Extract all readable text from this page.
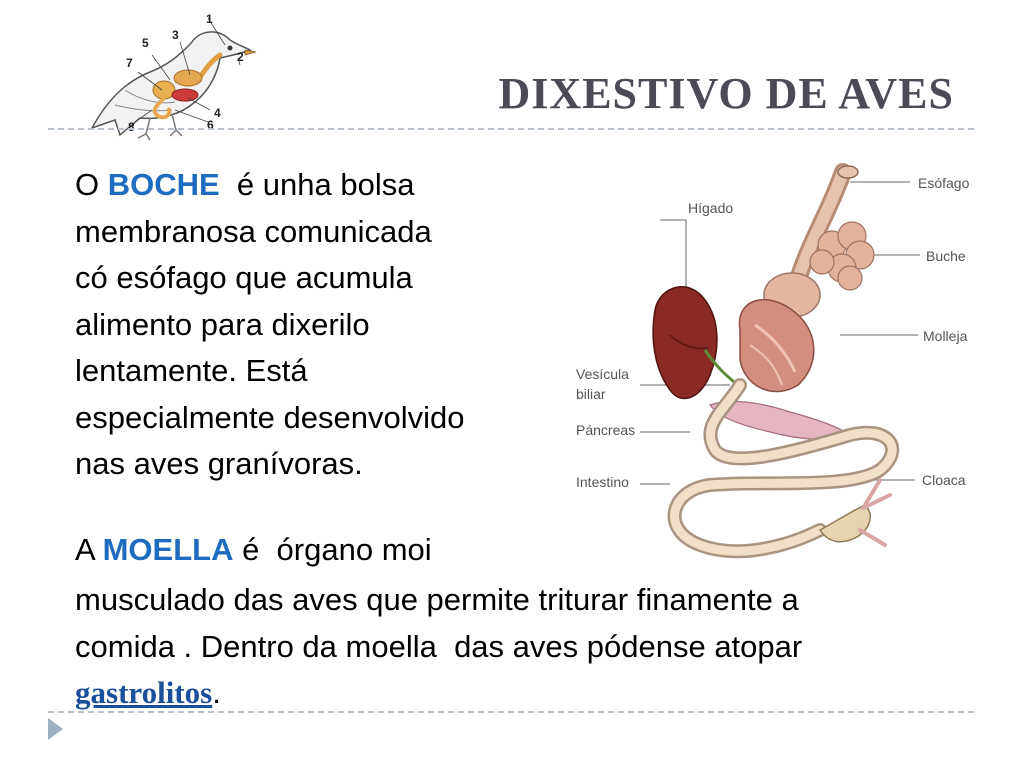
1
2
3
4
5
6
7
8
DIXESTIVO DE AVES
O BOCHE  é unha bolsa
membranosa comunicada
có esófago que acumula
alimento para dixerilo
lentamente. Está
especialmente desenvolvido
nas aves granívoras.
Esófago
Buche
Molleja
Hígado
Vesícula
biliar
Páncreas
Intestino	Cloaca
A MOELLA é  órgano moi
musculado das aves que permite triturar finamente a
comida . Dentro da moella  das aves pódense atopar
gastrolitos.
